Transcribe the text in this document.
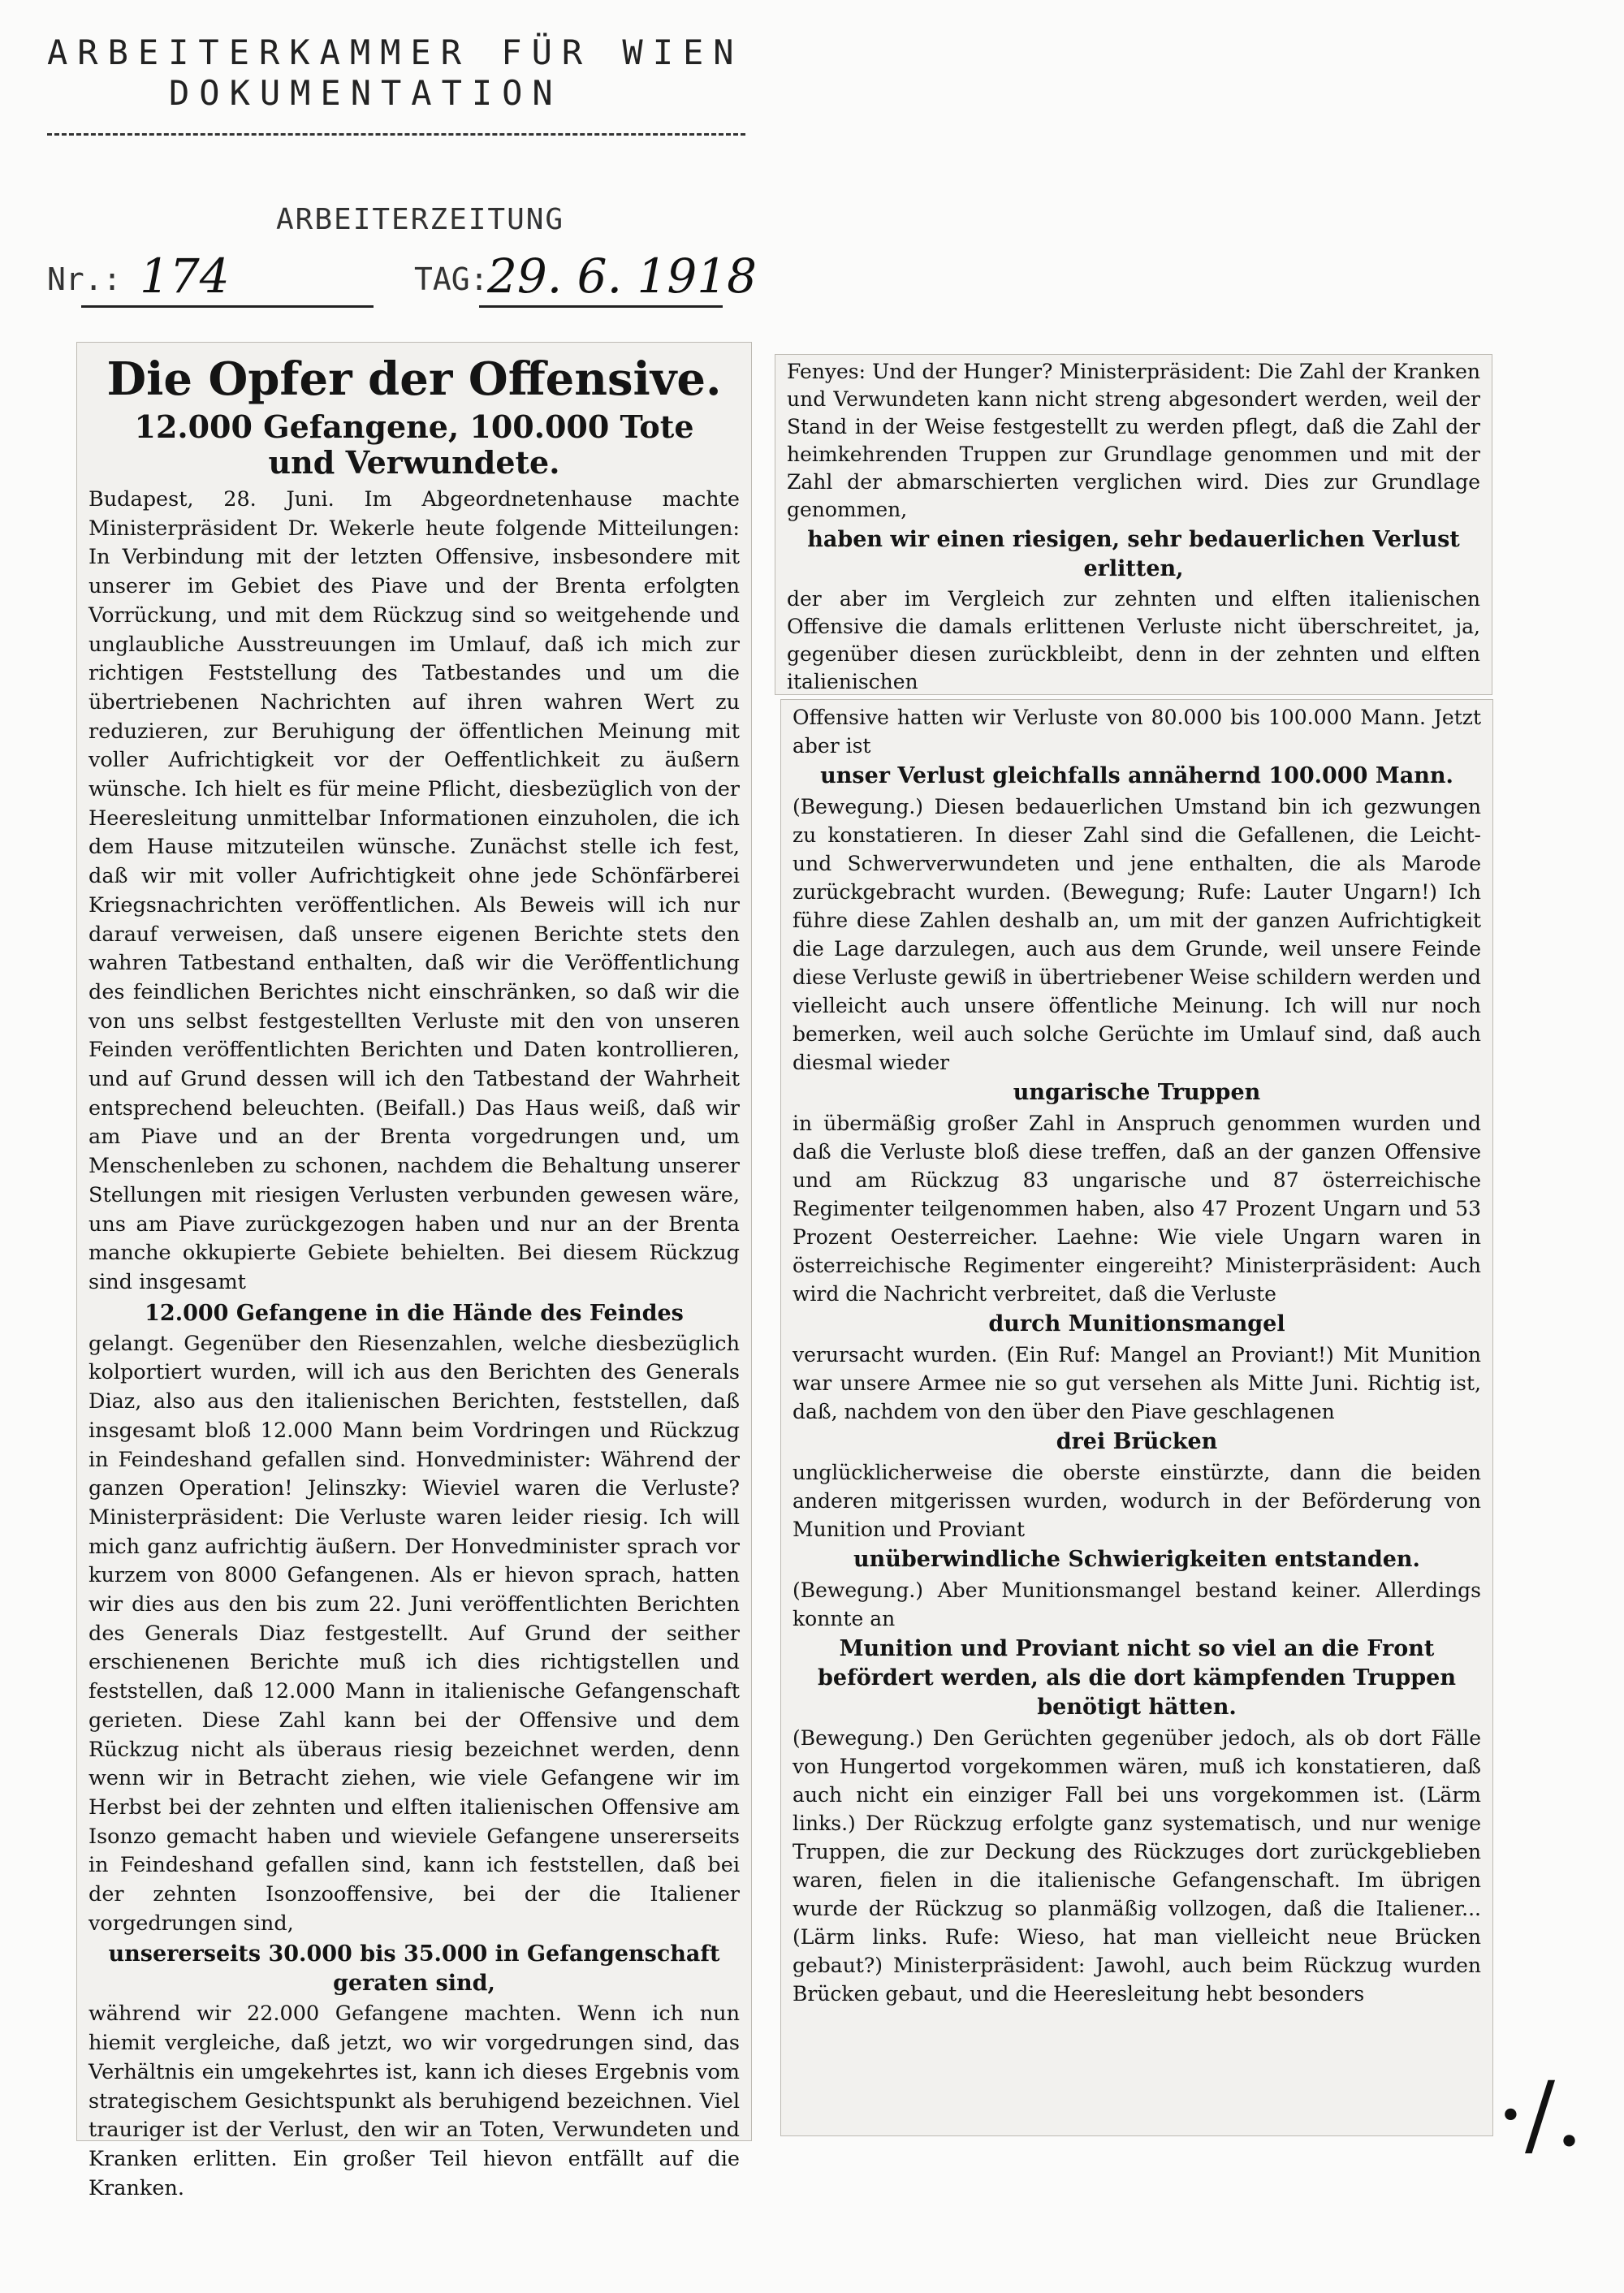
ARBEITERKAMMER FÜR WIEN
DOKUMENTATION
ARBEITERZEITUNG
Nr.: 174	TAG:
29. 6. 1918
Die Opfer der Offensive.
12.000 Gefangene, 100.000 Tote und Verwundete.

Budapest, 28. Juni. Im Abgeordnetenhause machte Ministerpräsident Dr. Wekerle heute folgende Mitteilungen: In Verbindung mit der letzten Offensive, insbesondere mit unserer im Gebiet des Piave und der Brenta erfolgten Vorrückung, und mit dem Rückzug sind so weitgehende und unglaubliche Ausstreuungen im Umlauf, daß ich mich zur richtigen Feststellung des Tatbestandes und um die übertriebenen Nachrichten auf ihren wahren Wert zu reduzieren, zur Beruhigung der öffentlichen Meinung mit voller Aufrichtigkeit vor der Oeffentlichkeit zu äußern wünsche. Ich hielt es für meine Pflicht, diesbezüglich von der Heeresleitung unmittelbar Informationen einzuholen, die ich dem Hause mitzuteilen wünsche. Zunächst stelle ich fest, daß wir mit voller Aufrichtigkeit ohne jede Schönfärberei Kriegsnachrichten veröffentlichen. Als Beweis will ich nur darauf verweisen, daß unsere eigenen Berichte stets den wahren Tatbestand enthalten, daß wir die Veröffentlichung des feindlichen Berichtes nicht einschränken, so daß wir die von uns selbst festgestellten Verluste mit den von unseren Feinden veröffentlichten Berichten und Daten kontrollieren, und auf Grund dessen will ich den Tatbestand der Wahrheit entsprechend beleuchten. (Beifall.) Das Haus weiß, daß wir am Piave und an der Brenta vorgedrungen und, um Menschenleben zu schonen, nachdem die Behaltung unserer Stellungen mit riesigen Verlusten verbunden gewesen wäre, uns am Piave zurückgezogen haben und nur an der Brenta manche okkupierte Gebiete behielten. Bei diesem Rückzug sind insgesamt

12.000 Gefangene in die Hände des Feindes

gelangt. Gegenüber den Riesenzahlen, welche diesbezüglich kolportiert wurden, will ich aus den Berichten des Generals Diaz, also aus den italienischen Berichten, feststellen, daß insgesamt bloß 12.000 Mann beim Vordringen und Rückzug in Feindeshand gefallen sind. Honvedminister: Während der ganzen Operation! Jelinszky: Wieviel waren die Verluste? Ministerpräsident: Die Verluste waren leider riesig. Ich will mich ganz aufrichtig äußern. Der Honvedminister sprach vor kurzem von 8000 Gefangenen. Als er hievon sprach, hatten wir dies aus den bis zum 22. Juni veröffentlichten Berichten des Generals Diaz festgestellt. Auf Grund der seither erschienenen Berichte muß ich dies richtigstellen und feststellen, daß 12.000 Mann in italienische Gefangenschaft gerieten. Diese Zahl kann bei der Offensive und dem Rückzug nicht als überaus riesig bezeichnet werden, denn wenn wir in Betracht ziehen, wie viele Gefangene wir im Herbst bei der zehnten und elften italienischen Offensive am Isonzo gemacht haben und wieviele Gefangene unsererseits in Feindeshand gefallen sind, kann ich feststellen, daß bei der zehnten Isonzooffensive, bei der die Italiener vorgedrungen sind,

unsererseits 30.000 bis 35.000 in Gefangenschaft geraten sind,

während wir 22.000 Gefangene machten. Wenn ich nun hiemit vergleiche, daß jetzt, wo wir vorgedrungen sind, das Verhältnis ein umgekehrtes ist, kann ich dieses Ergebnis vom strategischem Gesichtspunkt als beruhigend bezeichnen. Viel trauriger ist der Verlust, den wir an Toten, Verwundeten und Kranken erlitten. Ein großer Teil hievon entfällt auf die Kranken.

Fenyes: Und der Hunger? Ministerpräsident: Die Zahl der Kranken und Verwundeten kann nicht streng abgesondert werden, weil der Stand in der Weise festgestellt zu werden pflegt, daß die Zahl der heimkehrenden Truppen zur Grundlage genommen und mit der Zahl der abmarschierten verglichen wird. Dies zur Grundlage genommen,

haben wir einen riesigen, sehr bedauerlichen Verlust erlitten,

der aber im Vergleich zur zehnten und elften italienischen Offensive die damals erlittenen Verluste nicht überschreitet, ja, gegenüber diesen zurückbleibt, denn in der zehnten und elften italienischen

Offensive hatten wir Verluste von 80.000 bis 100.000 Mann. Jetzt aber ist

unser Verlust gleichfalls annähernd 100.000 Mann.

(Bewegung.) Diesen bedauerlichen Umstand bin ich gezwungen zu konstatieren. In dieser Zahl sind die Gefallenen, die Leicht- und Schwerverwundeten und jene enthalten, die als Marode zurückgebracht wurden. (Bewegung; Rufe: Lauter Ungarn!) Ich führe diese Zahlen deshalb an, um mit der ganzen Aufrichtigkeit die Lage darzulegen, auch aus dem Grunde, weil unsere Feinde diese Verluste gewiß in übertriebener Weise schildern werden und vielleicht auch unsere öffentliche Meinung. Ich will nur noch bemerken, weil auch solche Gerüchte im Umlauf sind, daß auch diesmal wieder

ungarische Truppen

in übermäßig großer Zahl in Anspruch genommen wurden und daß die Verluste bloß diese treffen, daß an der ganzen Offensive und am Rückzug 83 ungarische und 87 österreichische Regimenter teilgenommen haben, also 47 Prozent Ungarn und 53 Prozent Oesterreicher. Laehne: Wie viele Ungarn waren in österreichische Regimenter eingereiht? Ministerpräsident: Auch wird die Nachricht verbreitet, daß die Verluste

durch Munitionsmangel

verursacht wurden. (Ein Ruf: Mangel an Proviant!) Mit Munition war unsere Armee nie so gut versehen als Mitte Juni. Richtig ist, daß, nachdem von den über den Piave geschlagenen

drei Brücken

unglücklicherweise die oberste einstürzte, dann die beiden anderen mitgerissen wurden, wodurch in der Beförderung von Munition und Proviant

unüberwindliche Schwierigkeiten entstanden.

(Bewegung.) Aber Munitionsmangel bestand keiner. Allerdings konnte an

Munition und Proviant nicht so viel an die Front befördert werden, als die dort kämpfenden Truppen benötigt hätten.

(Bewegung.) Den Gerüchten gegenüber jedoch, als ob dort Fälle von Hungertod vorgekommen wären, muß ich konstatieren, daß auch nicht ein einziger Fall bei uns vorgekommen ist. (Lärm links.) Der Rückzug erfolgte ganz systematisch, und nur wenige Truppen, die zur Deckung des Rückzuges dort zurückgeblieben waren, fielen in die italienische Gefangenschaft. Im übrigen wurde der Rückzug so planmäßig vollzogen, daß die Italiener... (Lärm links. Rufe: Wieso, hat man vielleicht neue Brücken gebaut?) Ministerpräsident: Jawohl, auch beim Rückzug wurden Brücken gebaut, und die Heeresleitung hebt besonders

·/.
